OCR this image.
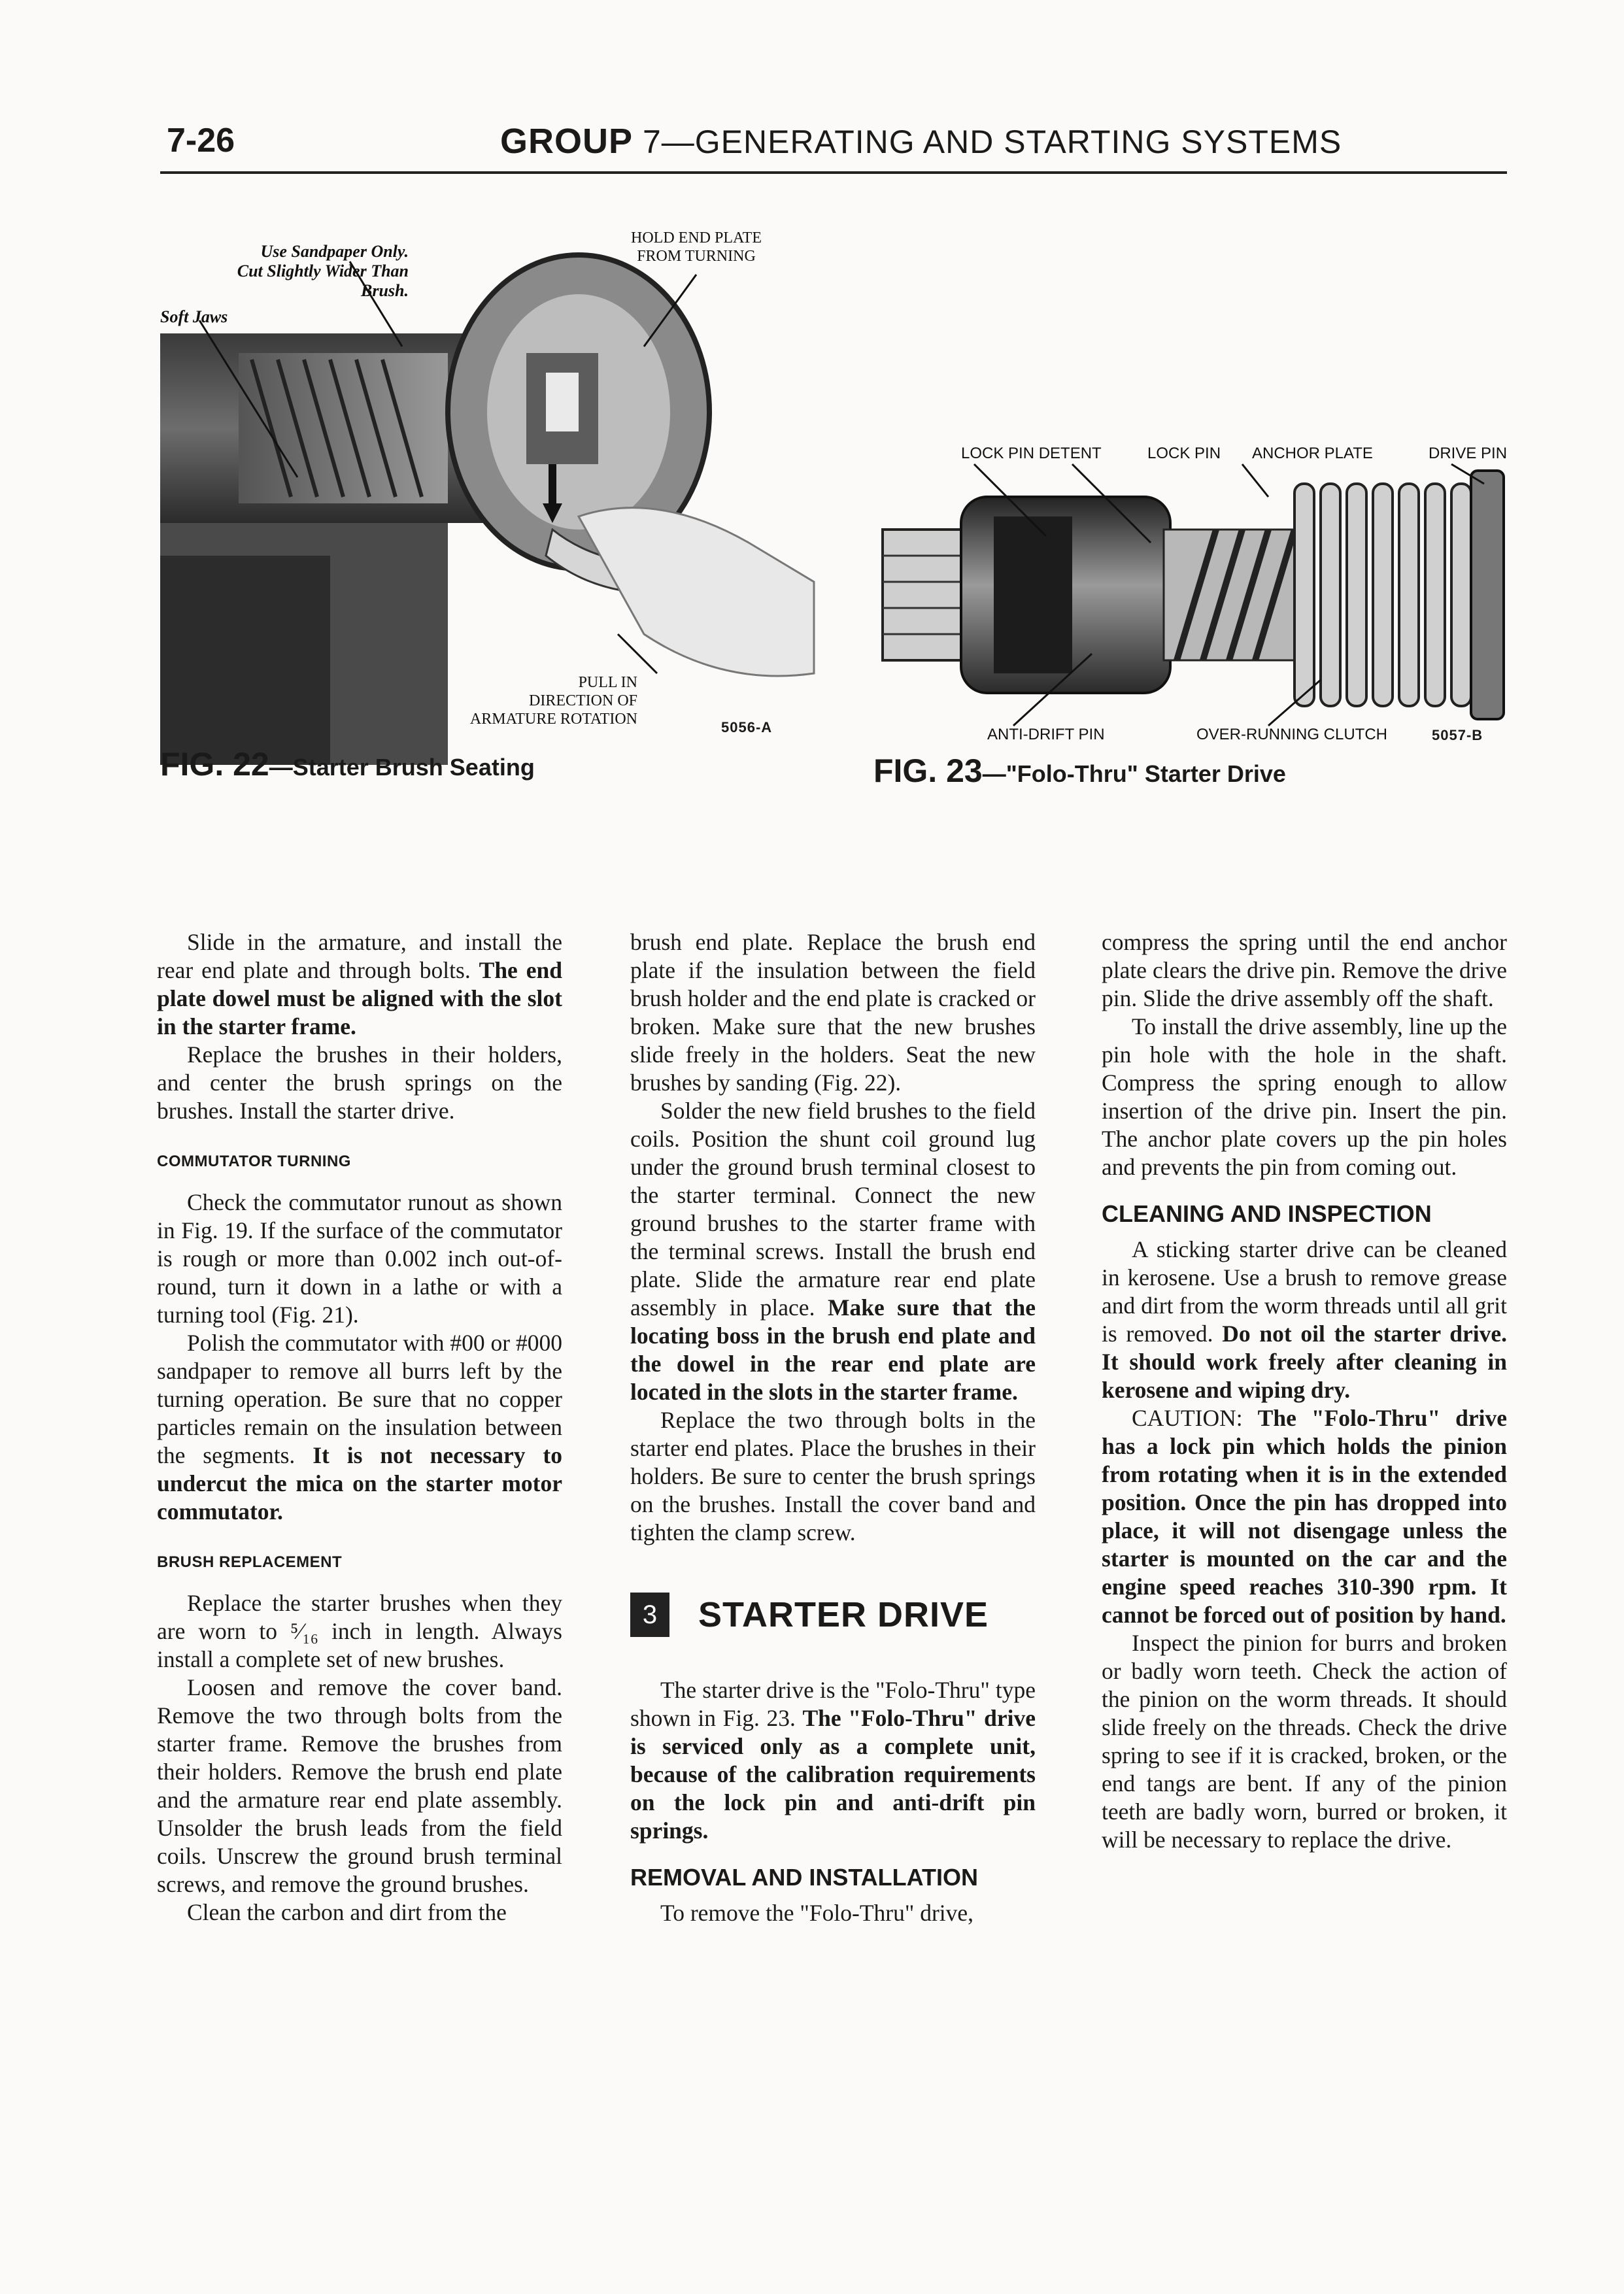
7-26	GROUP 7—GENERATING AND STARTING SYSTEMS
Use Sandpaper Only.
Cut Slightly Wider Than Brush.
Soft Jaws
HOLD END PLATE
FROM TURNING
PULL IN
DIRECTION OF
ARMATURE ROTATION	5056-A
FIG. 22—Starter Brush Seating
LOCK PIN DETENT	LOCK PIN ANCHOR PLATE	DRIVE PIN
ANTI-DRIFT PIN	OVER-RUNNING CLUTCH	5057-B
FIG. 23—"Folo-Thru" Starter Drive

Slide in the armature, and install the rear end plate and through bolts. The end plate dowel must be aligned with the slot in the starter frame.

Replace the brushes in their holders, and center the brush springs on the brushes. Install the starter drive.

COMMUTATOR TURNING

Check the commutator runout as shown in Fig. 19. If the surface of the commutator is rough or more than 0.002 inch out-of-round, turn it down in a lathe or with a turning tool (Fig. 21).

Polish the commutator with #00 or #000 sandpaper to remove all burrs left by the turning operation. Be sure that no copper particles remain on the insulation between the segments. It is not necessary to undercut the mica on the starter motor commutator.

BRUSH REPLACEMENT

Replace the starter brushes when they are worn to ⁵⁄₁₆ inch in length. Always install a complete set of new brushes.

Loosen and remove the cover band. Remove the two through bolts from the starter frame. Remove the brushes from their holders. Remove the brush end plate and the armature rear end plate assembly. Unsolder the brush leads from the field coils. Unscrew the ground brush terminal screws, and remove the ground brushes.

Clean the carbon and dirt from the

brush end plate. Replace the brush end plate if the insulation between the field brush holder and the end plate is cracked or broken. Make sure that the new brushes slide freely in the holders. Seat the new brushes by sanding (Fig. 22).

Solder the new field brushes to the field coils. Position the shunt coil ground lug under the ground brush terminal closest to the starter terminal. Connect the new ground brushes to the starter frame with the terminal screws. Install the brush end plate. Slide the armature rear end plate assembly in place. Make sure that the locating boss in the brush end plate and the dowel in the rear end plate are located in the slots in the starter frame.

Replace the two through bolts in the starter end plates. Place the brushes in their holders. Be sure to center the brush springs on the brushes. Install the cover band and tighten the clamp screw.

3	STARTER DRIVE

The starter drive is the "Folo-Thru" type shown in Fig. 23. The "Folo-Thru" drive is serviced only as a complete unit, because of the calibration requirements on the lock pin and anti-drift pin springs.

REMOVAL AND INSTALLATION

To remove the "Folo-Thru" drive,

compress the spring until the end anchor plate clears the drive pin. Remove the drive pin. Slide the drive assembly off the shaft.

To install the drive assembly, line up the pin hole with the hole in the shaft. Compress the spring enough to allow insertion of the drive pin. Insert the pin. The anchor plate covers up the pin holes and prevents the pin from coming out.

CLEANING AND INSPECTION

A sticking starter drive can be cleaned in kerosene. Use a brush to remove grease and dirt from the worm threads until all grit is removed. Do not oil the starter drive. It should work freely after cleaning in kerosene and wiping dry.

CAUTION: The "Folo-Thru" drive has a lock pin which holds the pinion from rotating when it is in the extended position. Once the pin has dropped into place, it will not disengage unless the starter is mounted on the car and the engine speed reaches 310-390 rpm. It cannot be forced out of position by hand.

Inspect the pinion for burrs and broken or badly worn teeth. Check the action of the pinion on the worm threads. It should slide freely on the threads. Check the drive spring to see if it is cracked, broken, or the end tangs are bent. If any of the pinion teeth are badly worn, burred or broken, it will be necessary to replace the drive.
